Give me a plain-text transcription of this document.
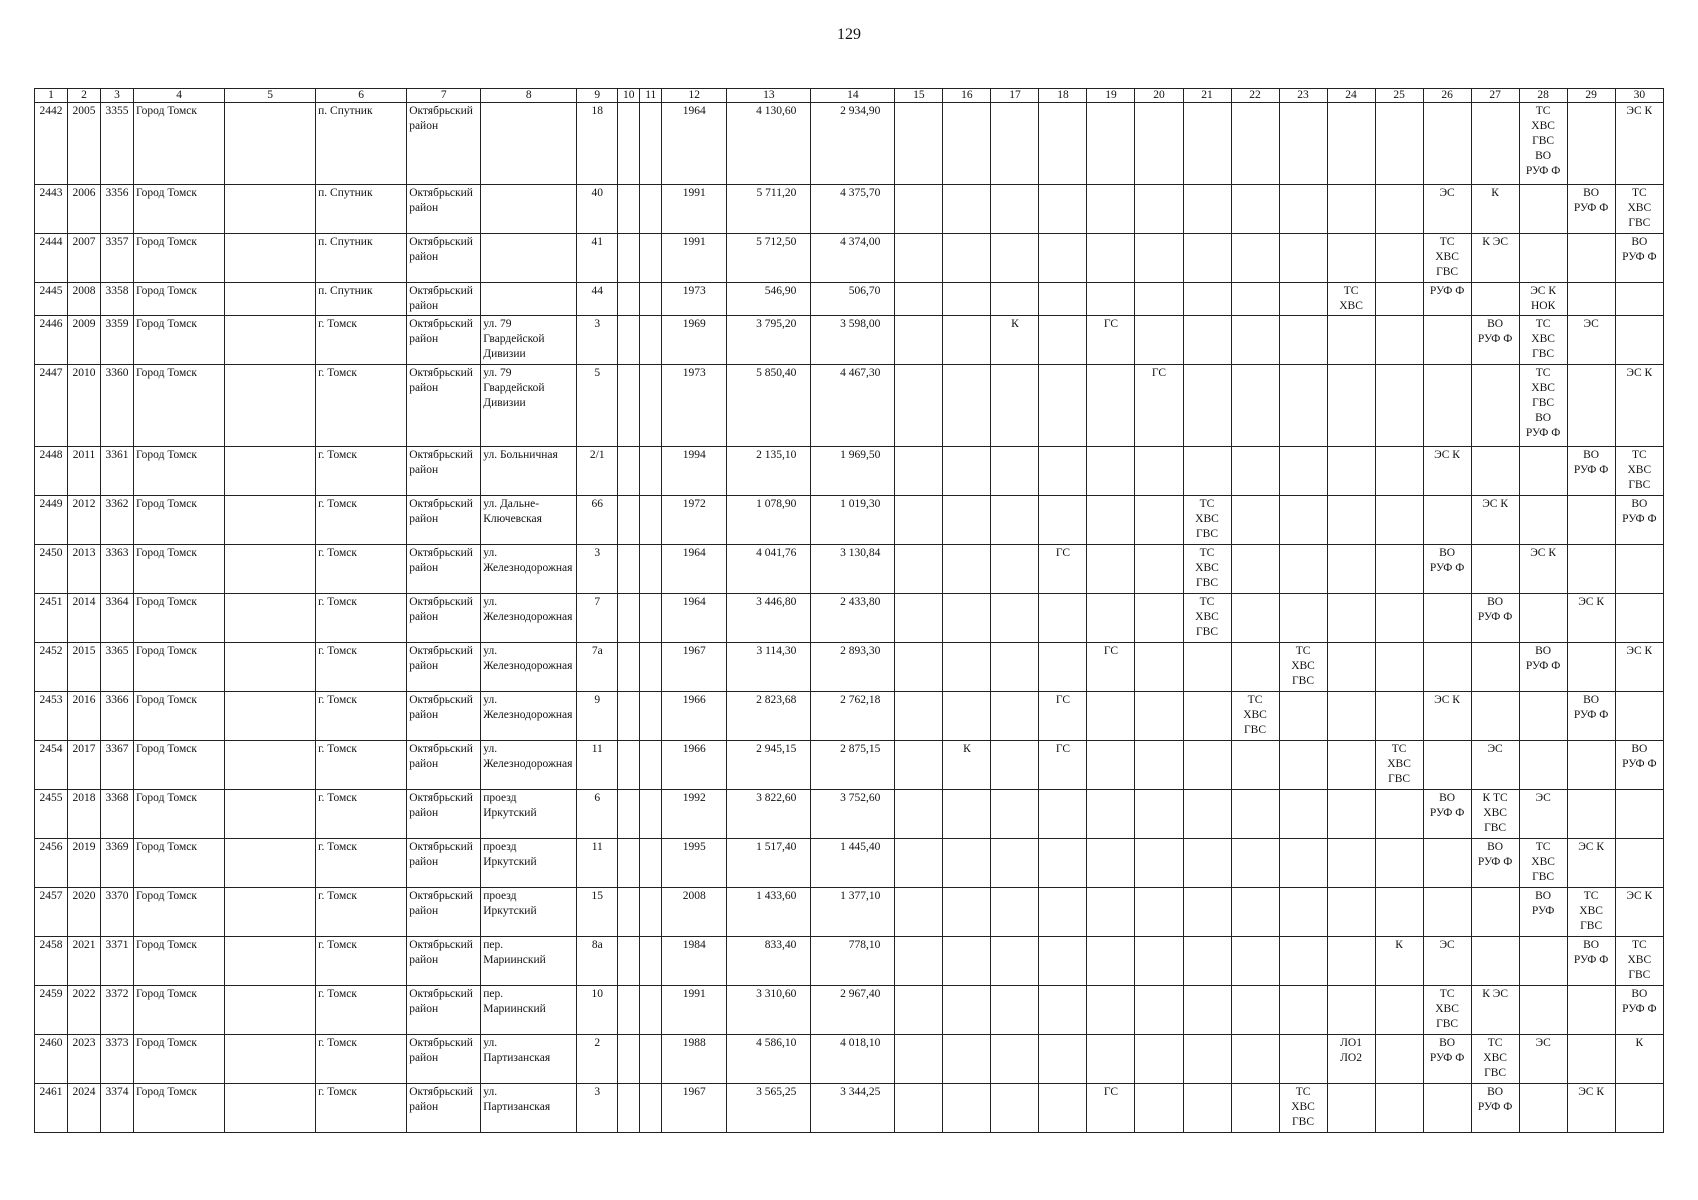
129
1	2	3	4	5	6	7	8	9	10	11	12	13	14	15	16	17	18	19	20	21	22	23	24	25	26	27	28	29	30
2442	2005	3355	Город Томск		п. Спутник	Октябрьский район		18			1964	4 130,60	2 934,90														ТС
ХВС
ГВС
ВО
РУФ Ф		ЭС К
2443	2006	3356	Город Томск		п. Спутник	Октябрьский район		40			1991	5 711,20	4 375,70												ЭС	К		ВО
РУФ Ф	ТС
ХВС
ГВС
2444	2007	3357	Город Томск		п. Спутник	Октябрьский район		41			1991	5 712,50	4 374,00												ТС
ХВС
ГВС	К ЭС			ВО
РУФ Ф
2445	2008	3358	Город Томск		п. Спутник	Октябрьский район		44			1973	546,90	506,70										ТС
ХВС		РУФ Ф		ЭС К
НОК		
2446	2009	3359	Город Томск		г. Томск	Октябрьский район	ул. 79
Гвардейской
Дивизии	3			1969	3 795,20	3 598,00			К		ГС								ВО
РУФ Ф	ТС
ХВС
ГВС	ЭС	
2447	2010	3360	Город Томск		г. Томск	Октябрьский район	ул. 79
Гвардейской
Дивизии	5			1973	5 850,40	4 467,30						ГС								ТС
ХВС
ГВС
ВО
РУФ Ф		ЭС К
2448	2011	3361	Город Томск		г. Томск	Октябрьский район	ул. Больничная	2/1			1994	2 135,10	1 969,50												ЭС К			ВО
РУФ Ф	ТС
ХВС
ГВС
2449	2012	3362	Город Томск		г. Томск	Октябрьский район	ул. Дальне-
Ключевская	66			1972	1 078,90	1 019,30							ТС
ХВС
ГВС						ЭС К			ВО
РУФ Ф
2450	2013	3363	Город Томск		г. Томск	Октябрьский район	ул.
Железнодорожная	3			1964	4 041,76	3 130,84				ГС			ТС
ХВС
ГВС					ВО
РУФ Ф		ЭС К		
2451	2014	3364	Город Томск		г. Томск	Октябрьский район	ул.
Железнодорожная	7			1964	3 446,80	2 433,80							ТС
ХВС
ГВС						ВО
РУФ Ф		ЭС К	
2452	2015	3365	Город Томск		г. Томск	Октябрьский район	ул.
Железнодорожная	7а			1967	3 114,30	2 893,30					ГС				ТС
ХВС
ГВС					ВО
РУФ Ф		ЭС К
2453	2016	3366	Город Томск		г. Томск	Октябрьский район	ул.
Железнодорожная	9			1966	2 823,68	2 762,18				ГС				ТС
ХВС
ГВС				ЭС К			ВО
РУФ Ф	
2454	2017	3367	Город Томск		г. Томск	Октябрьский район	ул.
Железнодорожная	11			1966	2 945,15	2 875,15		К		ГС							ТС
ХВС
ГВС		ЭС			ВО
РУФ Ф
2455	2018	3368	Город Томск		г. Томск	Октябрьский район	проезд
Иркутский	6			1992	3 822,60	3 752,60												ВО
РУФ Ф	К ТС
ХВС
ГВС	ЭС		
2456	2019	3369	Город Томск		г. Томск	Октябрьский район	проезд
Иркутский	11			1995	1 517,40	1 445,40													ВО
РУФ Ф	ТС
ХВС
ГВС	ЭС К	
2457	2020	3370	Город Томск		г. Томск	Октябрьский район	проезд
Иркутский	15			2008	1 433,60	1 377,10														ВО
РУФ	ТС
ХВС
ГВС	ЭС К
2458	2021	3371	Город Томск		г. Томск	Октябрьский район	пер.
Мариинский	8а			1984	833,40	778,10											К	ЭС			ВО
РУФ Ф	ТС
ХВС
ГВС
2459	2022	3372	Город Томск		г. Томск	Октябрьский район	пер.
Мариинский	10			1991	3 310,60	2 967,40												ТС
ХВС
ГВС	К ЭС			ВО
РУФ Ф
2460	2023	3373	Город Томск		г. Томск	Октябрьский район	ул.
Партизанская	2			1988	4 586,10	4 018,10										ЛО1
ЛО2		ВО
РУФ Ф	ТС
ХВС
ГВС	ЭС		К
2461	2024	3374	Город Томск		г. Томск	Октябрьский район	ул.
Партизанская	3			1967	3 565,25	3 344,25					ГС				ТС
ХВС
ГВС				ВО
РУФ Ф		ЭС К	
